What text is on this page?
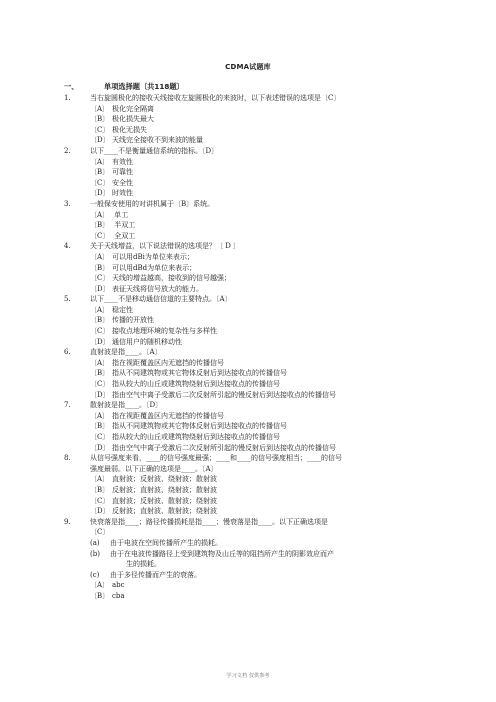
CDMA试题库
一、	单项选择题〔共118题〕
1.	当右旋圆极化的接收天线接收左旋圆极化的来波时，以下表述错误的选项是〔C〕
〔A〕 极化完全隔离
〔B〕 极化损失最大
〔C〕 极化无损失
〔D〕 天线完全接收不到来波的能量
2.	以下____不是衡量通信系统的指标。〔D〕
〔A〕 有效性
〔B〕 可靠性
〔C〕 安全性
〔D〕 时效性
3.	一般保安使用的对讲机属于〔B〕系统。
〔A〕 单工
〔B〕 半双工
〔C〕 全双工
4.	关于天线增益，以下说法错误的选项是？〔 D 〕
〔A〕 可以用dBi为单位来表示；
〔B〕 可以用dBd为单位来表示；
〔C〕 天线的增益越高，接收到的信号越强；
〔D〕 表征天线将信号放大的能力。
5.	以下____不是移动通信信道的主要特点。〔A〕
〔A〕 稳定性
〔B〕 传播的开放性
〔C〕 接收点地理环境的复杂性与多样性
〔D〕 通信用户的随机移动性
6.	直射波是指____。〔A〕
〔A〕 指在视距覆盖区内无遮挡的传播信号
〔B〕 指从不同建筑物或其它物体反射后到达接收点的传播信号
〔C〕 指从较大的山丘或建筑物绕射后到达接收点的传播信号
〔D〕 指由空气中离子受激后二次反射所引起的慢反射后到达接收点的传播信号
7.	散射波是指____。〔D〕
〔A〕 指在视距覆盖区内无遮挡的传播信号
〔B〕 指从不同建筑物或其它物体反射后到达接收点的传播信号
〔C〕 指从较大的山丘或建筑物绕射后到达接收点的传播信号
〔D〕 指由空气中离子受激后二次反射所引起的慢反射后到达接收点的传播信号
8.	从信号强度来看，____的信号强度最强；____和____的信号强度相当；____的信号
强度最弱。以下正确的选项是____。〔A〕
〔A〕 直射波；反射波、绕射波；散射波
〔B〕 反射波；直射波、绕射波；散射波
〔C〕 直射波；反射波、散射波；绕射波
〔D〕 反射波；直射波、散射波；绕射波
9.	快衰落是指____；路径传播损耗是指____；慢衰落是指____。以下正确选项是
〔C〕
(a) 由于电波在空间传播所产生的损耗。
(b) 由于在电波传播路径上受到建筑物及山丘等的阻挡所产生的阴影效应而产
生的损耗。
(c) 由于多径传播而产生的衰落。
〔A〕 abc
〔B〕 cba
学习文档 仅供参考
